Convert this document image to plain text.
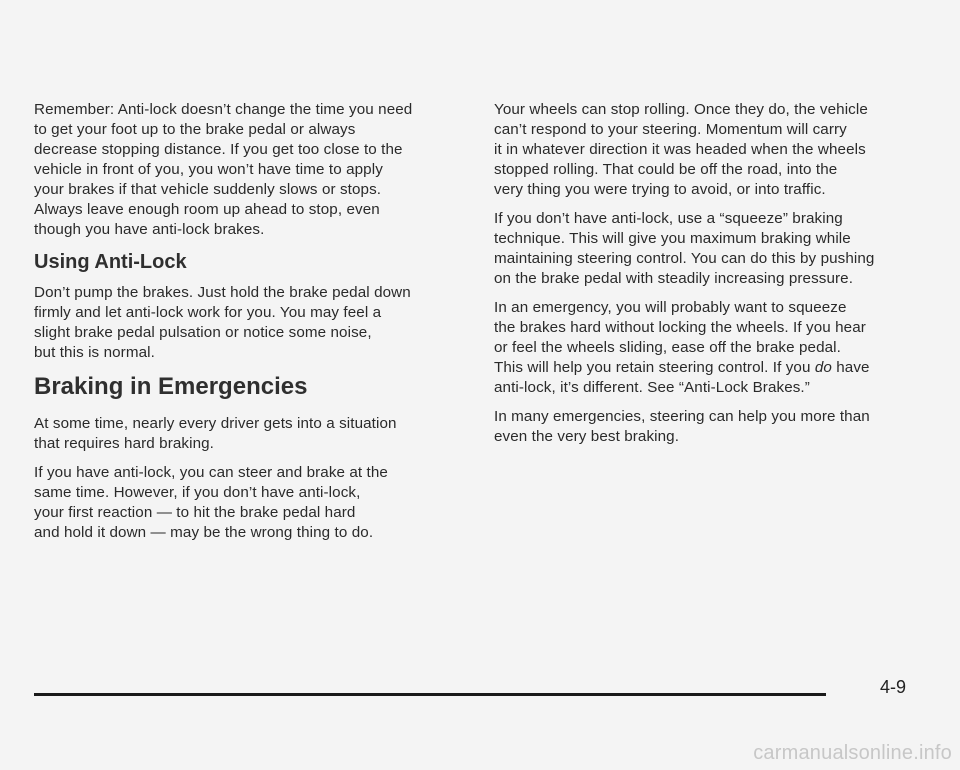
Remember: Anti-lock doesn’t change the time you need
to get your foot up to the brake pedal or always
decrease stopping distance. If you get too close to the
vehicle in front of you, you won’t have time to apply
your brakes if that vehicle suddenly slows or stops.
Always leave enough room up ahead to stop, even
though you have anti-lock brakes.

Using Anti-Lock

Don’t pump the brakes. Just hold the brake pedal down
firmly and let anti-lock work for you. You may feel a
slight brake pedal pulsation or notice some noise,
but this is normal.

Braking in Emergencies

At some time, nearly every driver gets into a situation
that requires hard braking.

If you have anti-lock, you can steer and brake at the
same time. However, if you don’t have anti-lock,
your first reaction — to hit the brake pedal hard
and hold it down — may be the wrong thing to do.

Your wheels can stop rolling. Once they do, the vehicle
can’t respond to your steering. Momentum will carry
it in whatever direction it was headed when the wheels
stopped rolling. That could be off the road, into the
very thing you were trying to avoid, or into traffic.

If you don’t have anti-lock, use a “squeeze” braking
technique. This will give you maximum braking while
maintaining steering control. You can do this by pushing
on the brake pedal with steadily increasing pressure.

In an emergency, you will probably want to squeeze
the brakes hard without locking the wheels. If you hear
or feel the wheels sliding, ease off the brake pedal.
This will help you retain steering control. If you do have
anti-lock, it’s different. See “Anti-Lock Brakes.”

In many emergencies, steering can help you more than
even the very best braking.

4-9
carmanualsonline.info
